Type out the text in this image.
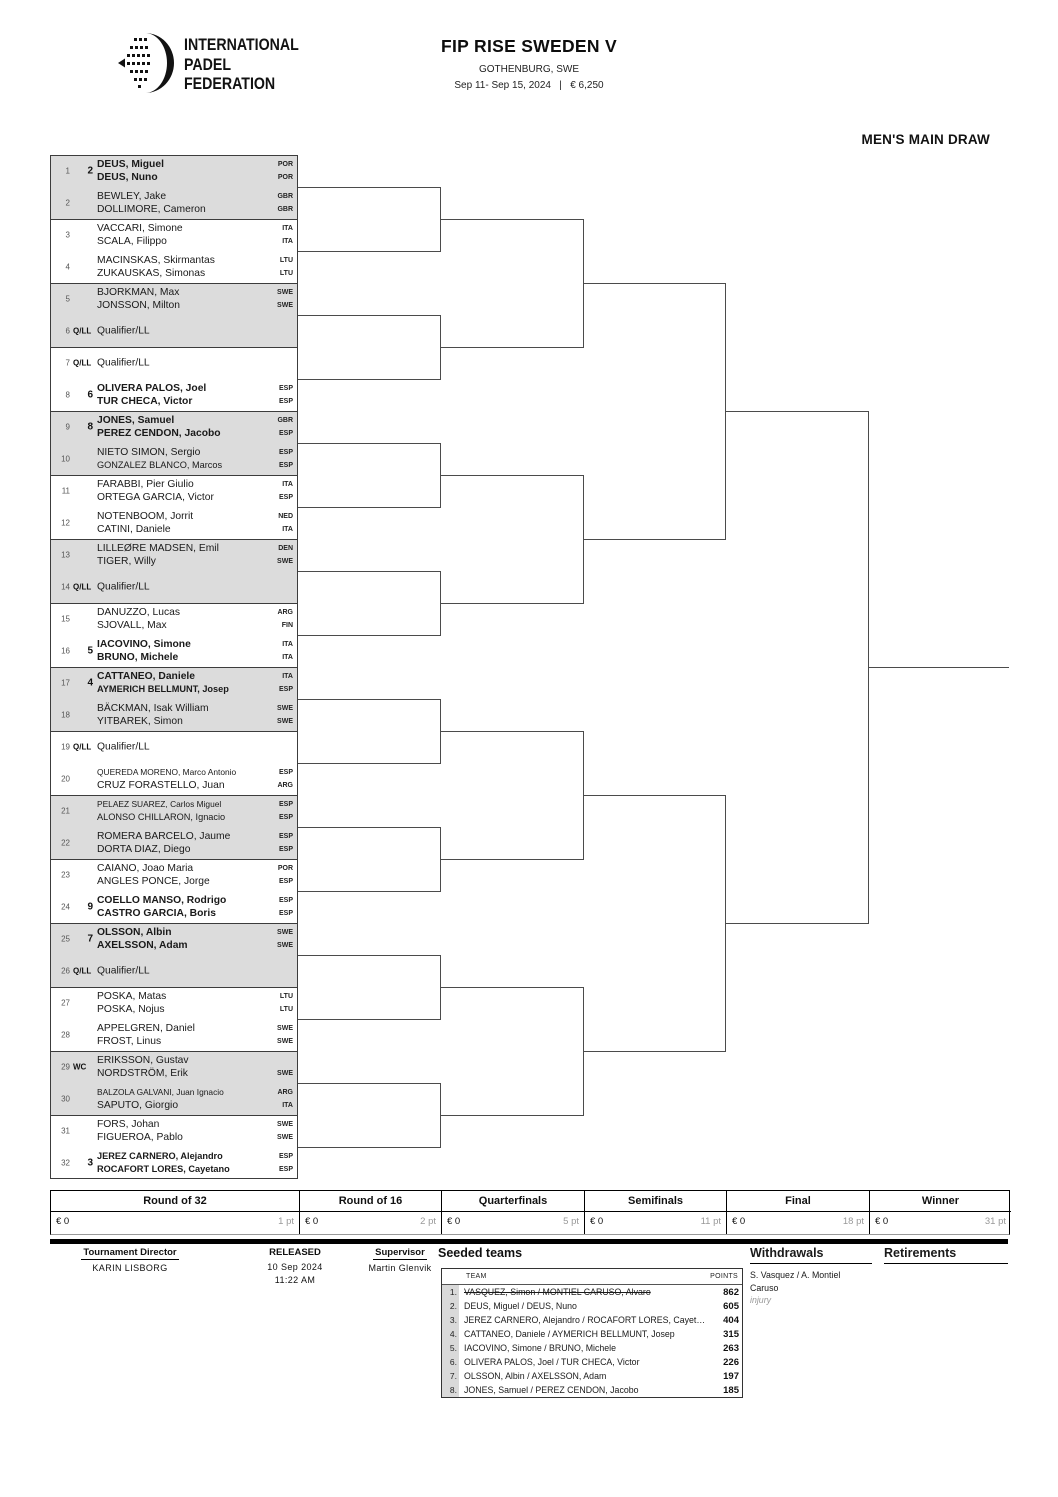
INTERNATIONAL
PADEL
FEDERATION
FIP RISE SWEDEN V
GOTHENBURG, SWE
Sep 11- Sep 15, 2024   |   € 6,250
MEN'S MAIN DRAW
1	2
DEUS, Miguel
DEUS, Nuno
POR
POR
2
BEWLEY, Jake
DOLLIMORE, Cameron
GBR
GBR
3
VACCARI, Simone
SCALA, Filippo
ITA
ITA
4
MACINSKAS, Skirmantas
ZUKAUSKAS, Simonas
LTU
LTU
5
BJORKMAN, Max
JONSSON, Milton
SWE
SWE
6 Q/LL Qualifier/LL
7 Q/LL Qualifier/LL
8	6
OLIVERA PALOS, Joel
TUR CHECA, Victor
ESP
ESP
9	8
JONES, Samuel
PEREZ CENDON, Jacobo
GBR
ESP
10
NIETO SIMON, Sergio
GONZALEZ BLANCO, Marcos
ESP
ESP
11
FARABBI, Pier Giulio
ORTEGA GARCIA, Victor
ITA
ESP
12
NOTENBOOM, Jorrit
CATINI, Daniele
NED
ITA
13
LILLEØRE MADSEN, Emil
TIGER, Willy
DEN
SWE
14 Q/LL Qualifier/LL
15
DANUZZO, Lucas
SJOVALL, Max
ARG
FIN
16	5
IACOVINO, Simone
BRUNO, Michele
ITA
ITA
17	4
CATTANEO, Daniele
AYMERICH BELLMUNT, Josep
ITA
ESP
18
BÄCKMAN, Isak William
YITBAREK, Simon
SWE
SWE
19 Q/LL Qualifier/LL
20
QUEREDA MORENO, Marco Antonio
CRUZ FORASTELLO, Juan
ESP
ARG
21
PELAEZ SUAREZ, Carlos Miguel
ALONSO CHILLARON, Ignacio
ESP
ESP
22
ROMERA BARCELO, Jaume
DORTA DIAZ, Diego
ESP
ESP
23
CAIANO, Joao Maria
ANGLES PONCE, Jorge
POR
ESP
24	9
COELLO MANSO, Rodrigo
CASTRO GARCIA, Boris
ESP
ESP
25	7
OLSSON, Albin
AXELSSON, Adam
SWE
SWE
26 Q/LL Qualifier/LL
27
POSKA, Matas
POSKA, Nojus
LTU
LTU
28
APPELGREN, Daniel
FROST, Linus
SWE
SWE
29 WC
ERIKSSON, Gustav
NORDSTRÖM, Erik
	SWE
30
BALZOLA GALVANI, Juan Ignacio
SAPUTO, Giorgio
ARG
ITA
31
FORS, Johan
FIGUEROA, Pablo
SWE
SWE
32	3
JEREZ CARNERO, Alejandro
ROCAFORT LORES, Cayetano
ESP
ESP
Round of 32
€ 0	1 pt
Round of 16
€ 0	2 pt
Quarterfinals
€ 0	5 pt
Semifinals
€ 0	11 pt
Final
€ 0	18 pt
Winner
€ 0	31 pt
Tournament Director
KARIN LISBORG
RELEASED
10 Sep 2024
11:22 AM
Supervisor
Martin Glenvik
Seeded teams
TEAM	POINTS
1. VASQUEZ, Simon / MONTIEL CARUSO, Alvaro	862
2. DEUS, Miguel / DEUS, Nuno	605
3. JEREZ CARNERO, Alejandro / ROCAFORT LORES, Cayet… 404
4. CATTANEO, Daniele / AYMERICH BELLMUNT, Josep	315
5. IACOVINO, Simone / BRUNO, Michele	263
6. OLIVERA PALOS, Joel / TUR CHECA, Victor	226
7. OLSSON, Albin / AXELSSON, Adam	197
8. JONES, Samuel / PEREZ CENDON, Jacobo	185
Withdrawals
S. Vasquez / A. Montiel
Caruso
injury
Retirements
